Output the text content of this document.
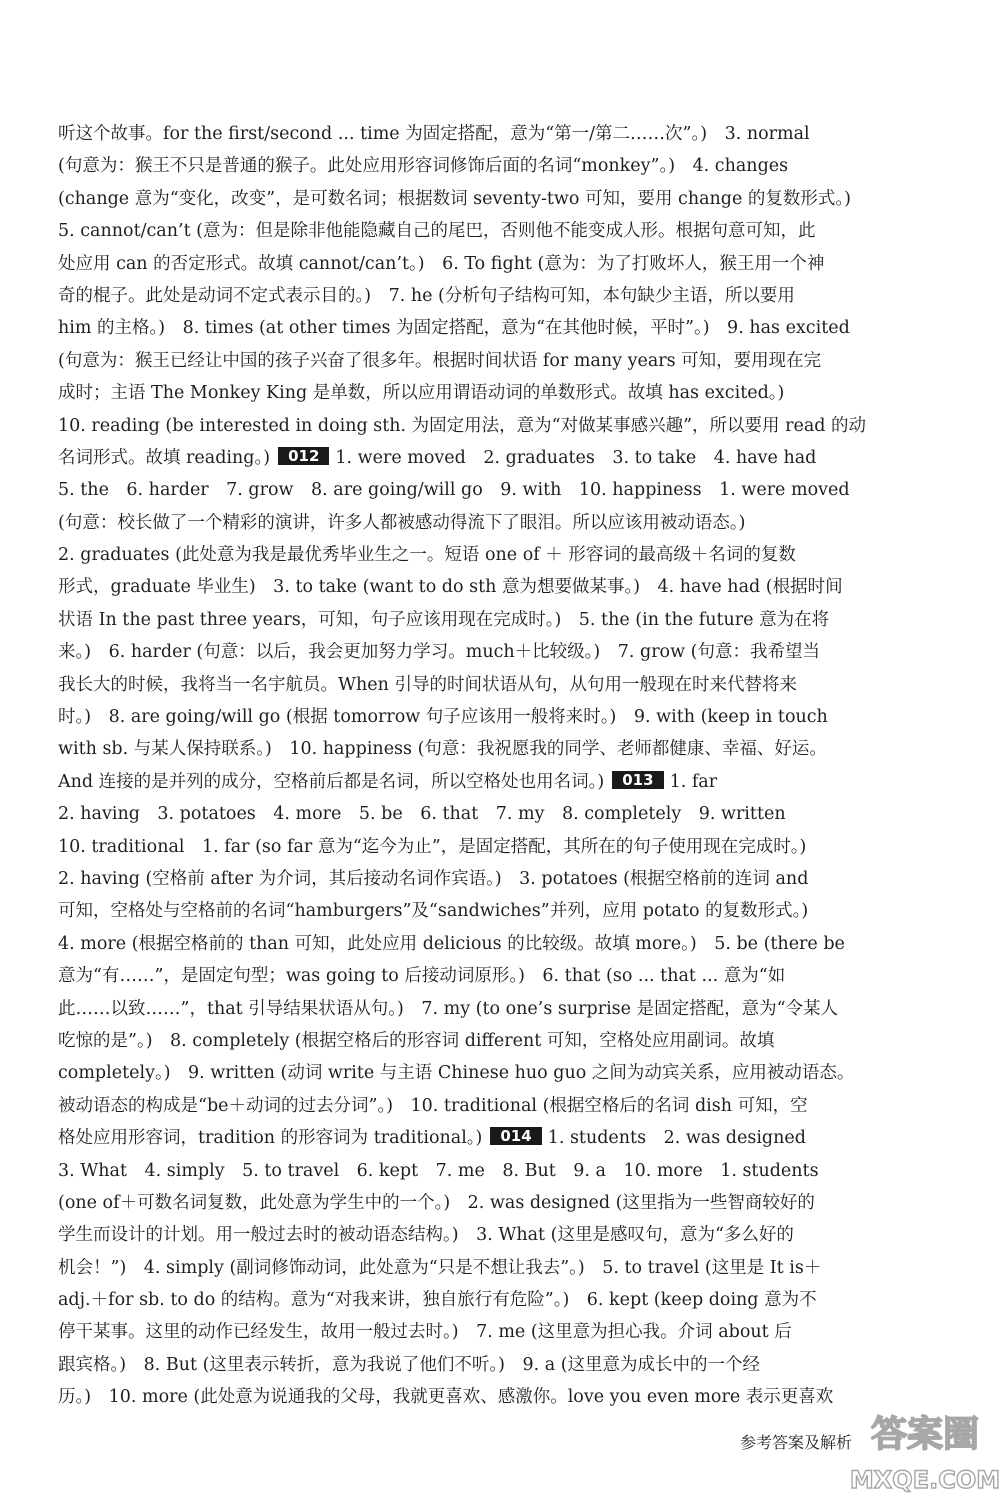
听这个故事。for the first/second ... time 为固定搭配，意为“第一/第二……次”。)　3. normal
(句意为：猴王不只是普通的猴子。此处应用形容词修饰后面的名词“monkey”。)　4. changes
(change 意为“变化，改变”，是可数名词；根据数词 seventy-two 可知，要用 change 的复数形式。)
5. cannot/can’t (意为：但是除非他能隐藏自己的尾巴，否则他不能变成人形。根据句意可知，此
处应用 can 的否定形式。故填 cannot/can’t。)　6. To fight (意为：为了打败坏人，猴王用一个神
奇的棍子。此处是动词不定式表示目的。)　7. he (分析句子结构可知，本句缺少主语，所以要用
him 的主格。)　8. times (at other times 为固定搭配，意为“在其他时候，平时”。)　9. has excited
(句意为：猴王已经让中国的孩子兴奋了很多年。根据时间状语 for many years 可知，要用现在完
成时；主语 The Monkey King 是单数，所以应用谓语动词的单数形式。故填 has excited。)
10. reading (be interested in doing sth. 为固定用法，意为“对做某事感兴趣”，所以要用 read 的动
名词形式。故填 reading。) 012 1. were moved　2. graduates　3. to take　4. have had
5. the　6. harder　7. grow　8. are going/will go　9. with　10. happiness　1. were moved
(句意：校长做了一个精彩的演讲，许多人都被感动得流下了眼泪。所以应该用被动语态。)
2. graduates (此处意为我是最优秀毕业生之一。短语 one of ＋ 形容词的最高级＋名词的复数
形式，graduate 毕业生)　3. to take (want to do sth 意为想要做某事。)　4. have had (根据时间
状语 In the past three years，可知，句子应该用现在完成时。)　5. the (in the future 意为在将
来。)　6. harder (句意：以后，我会更加努力学习。much＋比较级。)　7. grow (句意：我希望当
我长大的时候，我将当一名宇航员。When 引导的时间状语从句，从句用一般现在时来代替将来
时。)　8. are going/will go (根据 tomorrow 句子应该用一般将来时。)　9. with (keep in touch
with sb. 与某人保持联系。)　10. happiness (句意：我祝愿我的同学、老师都健康、幸福、好运。
And 连接的是并列的成分，空格前后都是名词，所以空格处也用名词。) 013 1. far
2. having　3. potatoes　4. more　5. be　6. that　7. my　8. completely　9. written
10. traditional　1. far (so far 意为“迄今为止”，是固定搭配，其所在的句子使用现在完成时。)
2. having (空格前 after 为介词，其后接动名词作宾语。)　3. potatoes (根据空格前的连词 and
可知，空格处与空格前的名词“hamburgers”及“sandwiches”并列，应用 potato 的复数形式。)
4. more (根据空格前的 than 可知，此处应用 delicious 的比较级。故填 more。)　5. be (there be
意为“有……”，是固定句型；was going to 后接动词原形。)　6. that (so ... that ... 意为“如
此……以致……”，that 引导结果状语从句。)　7. my (to one’s surprise 是固定搭配，意为“令某人
吃惊的是”。)　8. completely (根据空格后的形容词 different 可知，空格处应用副词。故填
completely。)　9. written (动词 write 与主语 Chinese huo guo 之间为动宾关系，应用被动语态。
被动语态的构成是“be＋动词的过去分词”。)　10. traditional (根据空格后的名词 dish 可知，空
格处应用形容词，tradition 的形容词为 traditional。) 014 1. students　2. was designed
3. What　4. simply　5. to travel　6. kept　7. me　8. But　9. a　10. more　1. students
(one of＋可数名词复数，此处意为学生中的一个。)　2. was designed (这里指为一些智商较好的
学生而设计的计划。用一般过去时的被动语态结构。)　3. What (这里是感叹句，意为“多么好的
机会！”)　4. simply (副词修饰动词，此处意为“只是不想让我去”。)　5. to travel (这里是 It is＋
adj.＋for sb. to do 的结构。意为“对我来讲，独自旅行有危险”。)　6. kept (keep doing 意为不
停干某事。这里的动作已经发生，故用一般过去时。)　7. me (这里意为担心我。介词 about 后
跟宾格。)　8. But (这里表示转折，意为我说了他们不听。)　9. a (这里意为成长中的一个经
历。)　10. more (此处意为说通我的父母，我就更喜欢、感激你。love you even more 表示更喜欢
参考答案及解析 答案圈
MXQE.COM
